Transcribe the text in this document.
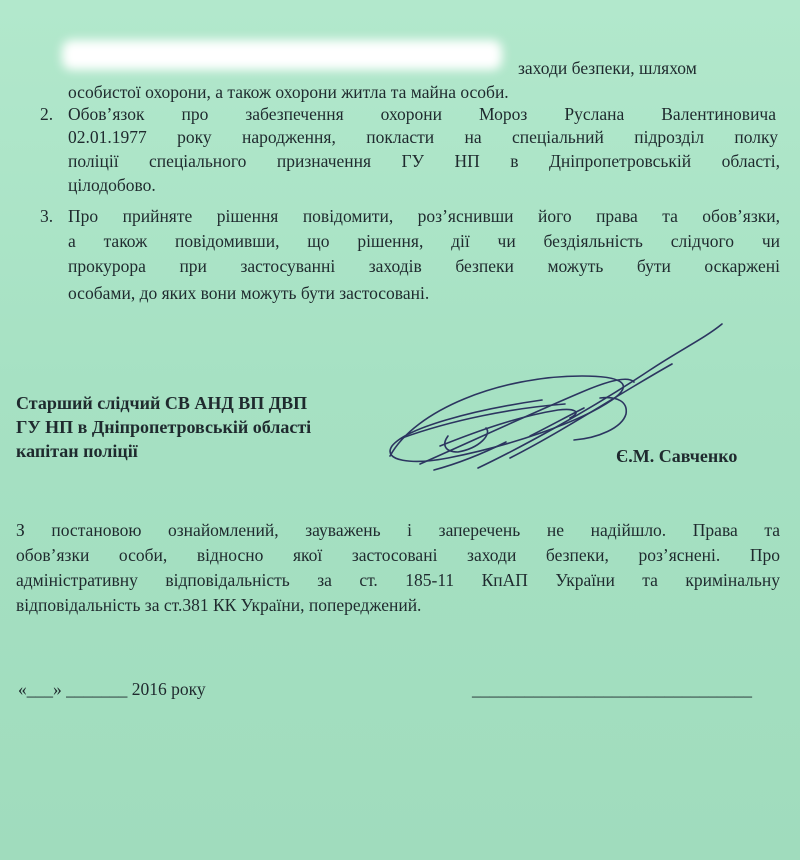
заходи безпеки, шляхом
особистої охорони, а також охорони житла та майна особи.
2. Обов’язок про забезпечення охорони Мороз Руслана Валентиновича
02.01.1977 року народження, покласти на спеціальний підрозділ полку
поліції спеціального призначення ГУ НП в Дніпропетровській області,
цілодобово.
3. Про прийняте рішення повідомити, роз’яснивши його права та обов’язки,
а також повідомивши, що рішення, дії чи бездіяльність слідчого чи
прокурора при застосуванні заходів безпеки можуть бути оскаржені
особами, до яких вони можуть бути застосовані.
Старший слідчий СВ АНД ВП ДВП
ГУ НП в Дніпропетровській області
капітан поліції	Є.М. Савченко
З постановою ознайомлений, зауважень і заперечень не надійшло. Права та
обов’язки особи, відносно якої застосовані заходи безпеки, роз’яснені. Про
адміністративну відповідальність за ст. 185-11 КпАП України та кримінальну
відповідальність за ст.381 КК України, попереджений.
«___» _______ 2016 року	________________________________
